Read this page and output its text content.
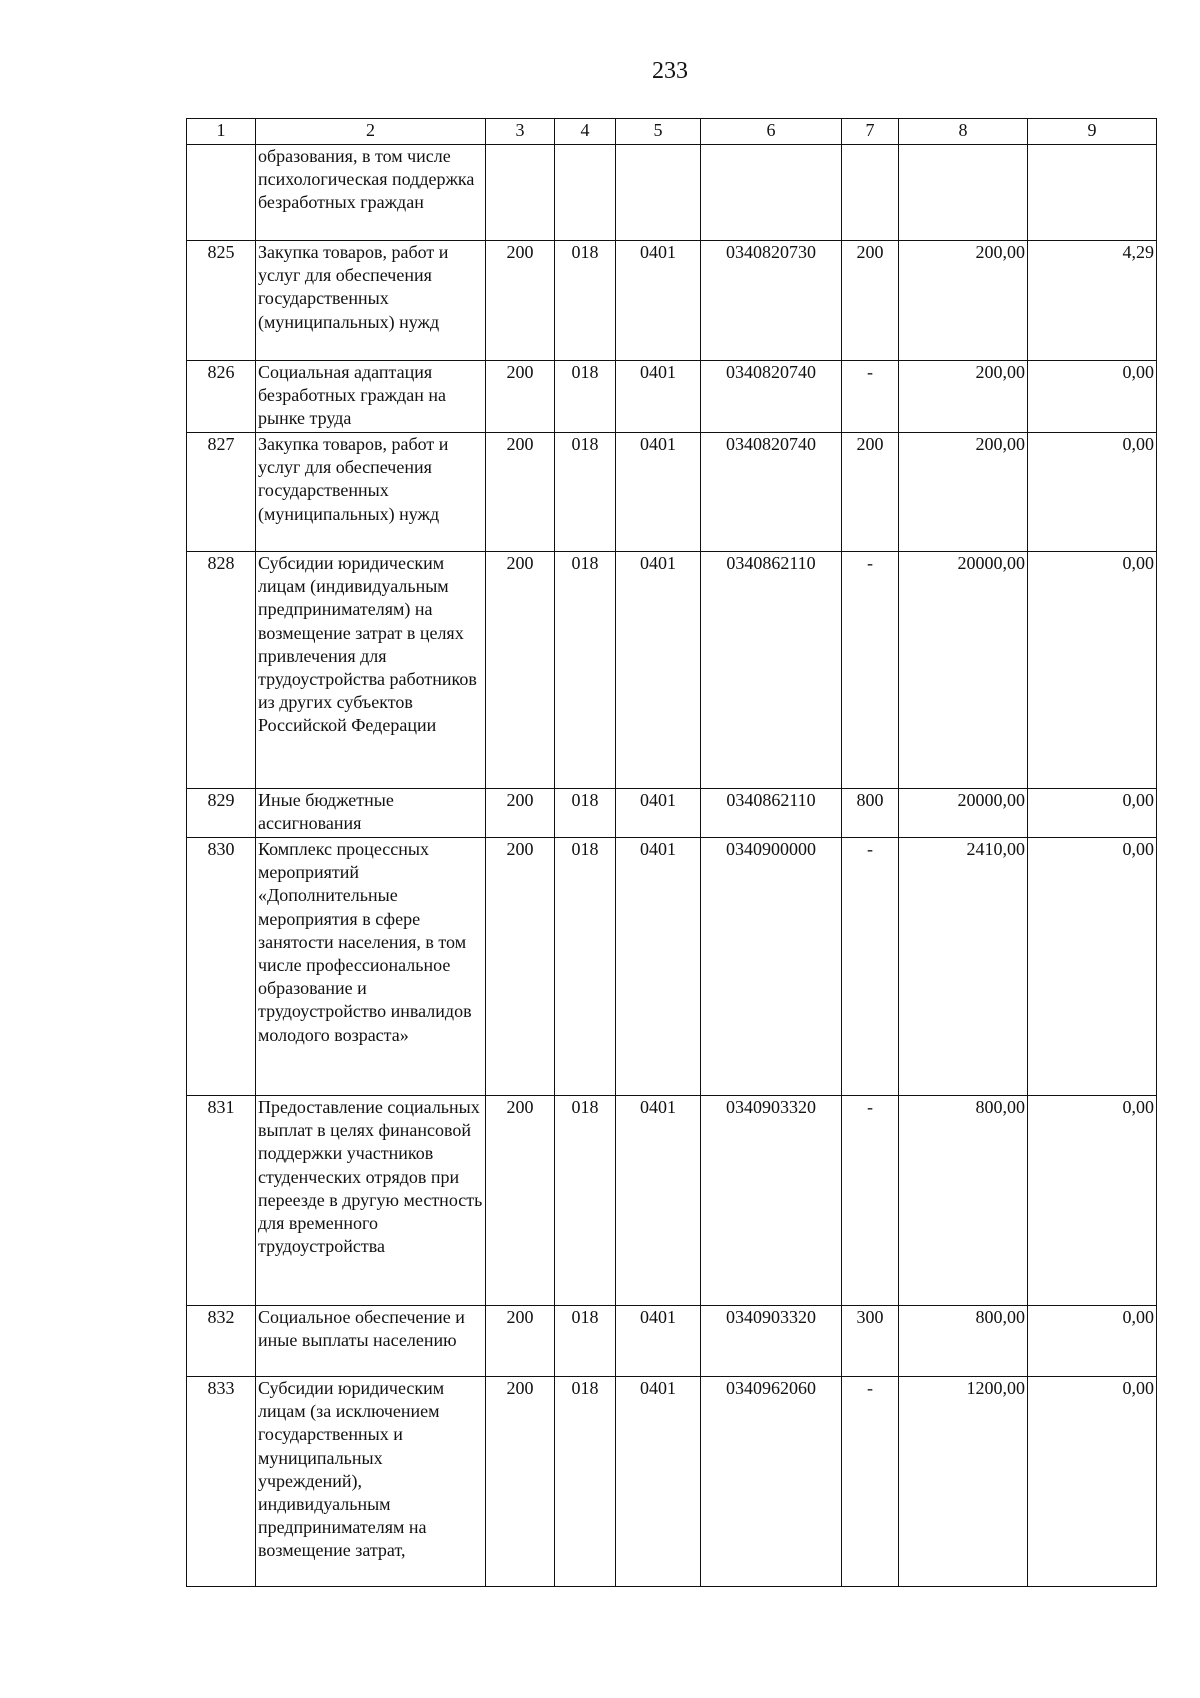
233
1	2	3	4	5	6	7	8	9
	образования, в том числе психологическая поддержка безработных граждан							
825	Закупка товаров, работ и услуг для обеспечения государственных (муниципальных) нужд	200	018	0401	0340820730	200	200,00	4,29
826	Социальная адаптация безработных граждан на рынке труда	200	018	0401	0340820740	-	200,00	0,00
827	Закупка товаров, работ и услуг для обеспечения государственных (муниципальных) нужд	200	018	0401	0340820740	200	200,00	0,00
828	Субсидии юридическим лицам (индивидуальным предпринимателям) на возмещение затрат в целях привлечения для трудоустройства работников из других субъектов Российской Федерации	200	018	0401	0340862110	-	20000,00	0,00
829	Иные бюджетные ассигнования	200	018	0401	0340862110	800	20000,00	0,00
830	Комплекс процессных мероприятий «Дополнительные мероприятия в сфере занятости населения, в том числе профессиональное образование и трудоустройство инвалидов молодого возраста»	200	018	0401	0340900000	-	2410,00	0,00
831	Предоставление социальных выплат в целях финансовой поддержки участников студенческих отрядов при переезде в другую местность для временного трудоустройства	200	018	0401	0340903320	-	800,00	0,00
832	Социальное обеспечение и иные выплаты населению	200	018	0401	0340903320	300	800,00	0,00
833	Субсидии юридическим лицам (за исключением государственных и муниципальных учреждений), индивидуальным предпринимателям на возмещение затрат,	200	018	0401	0340962060	-	1200,00	0,00
